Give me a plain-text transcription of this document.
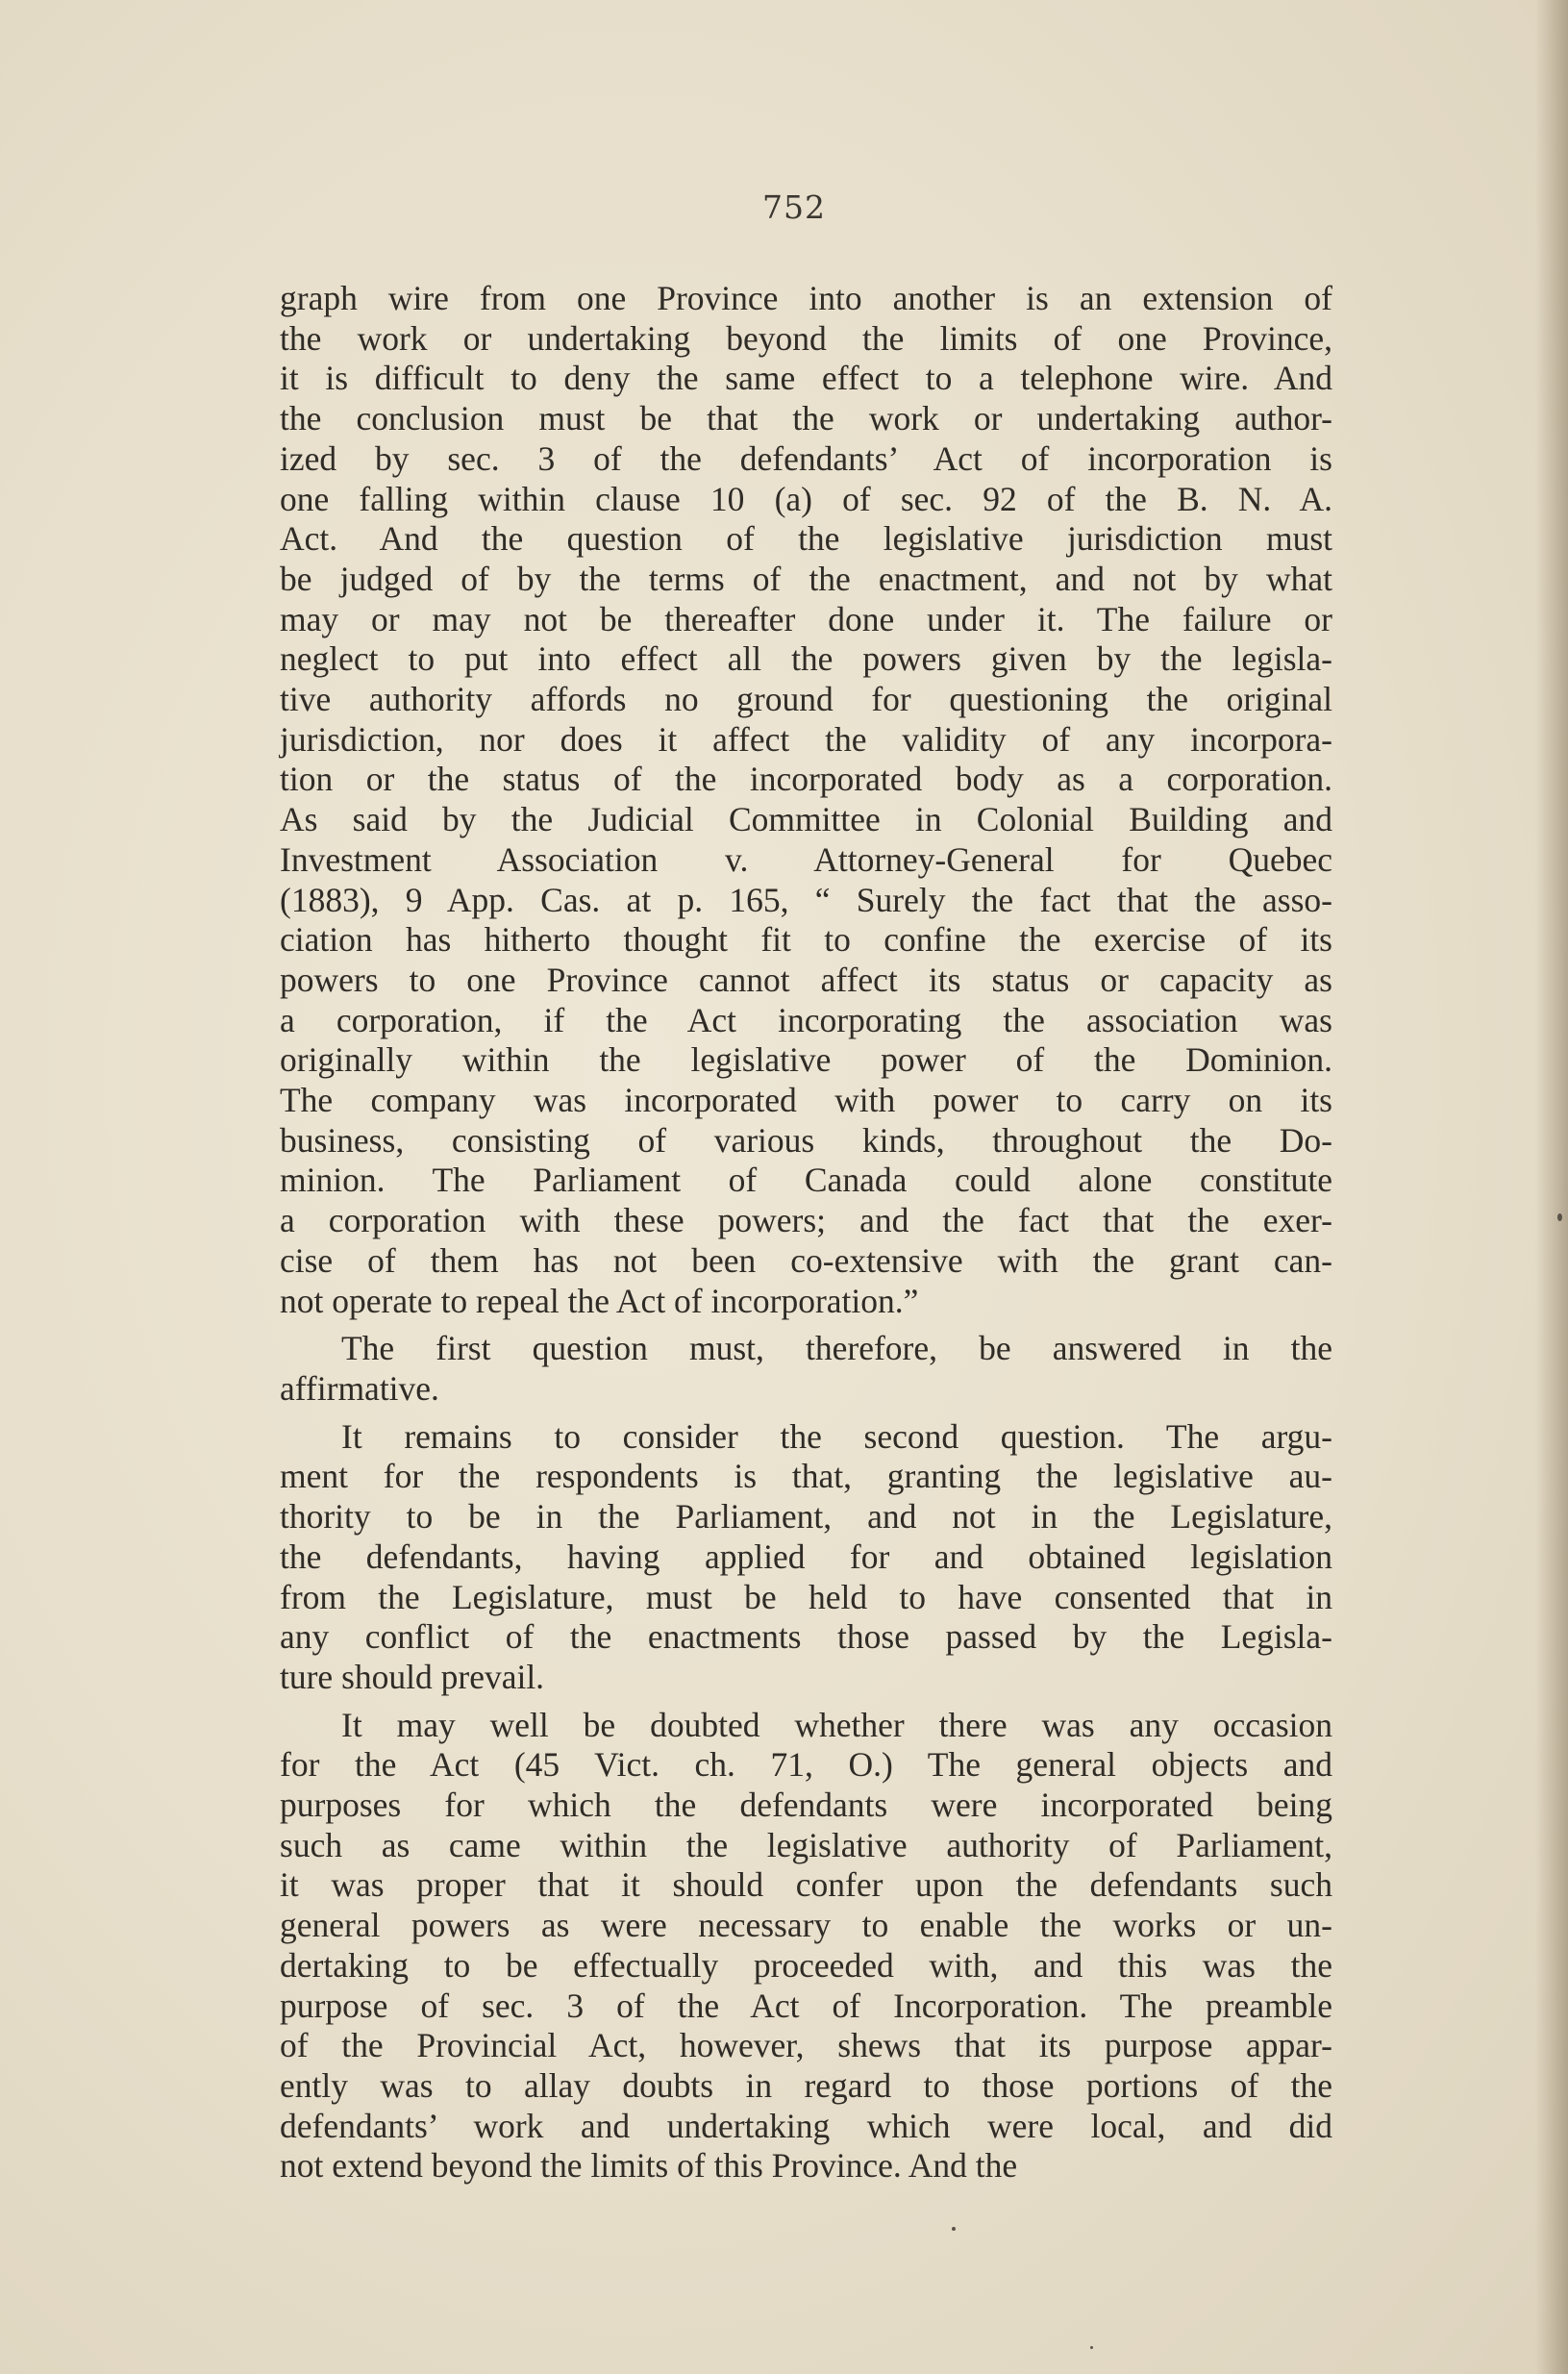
752
graph wire from one Province into another is an extension of
the work or undertaking beyond the limits of one Province,
it is difficult to deny the same effect to a telephone wire. And
the conclusion must be that the work or undertaking author-
ized by sec. 3 of the defendants’ Act of incorporation is
one falling within clause 10 (a) of sec. 92 of the B. N. A.
Act. And the question of the legislative jurisdiction must
be judged of by the terms of the enactment, and not by what
may or may not be thereafter done under it. The failure or
neglect to put into effect all the powers given by the legisla-
tive authority affords no ground for questioning the original
jurisdiction, nor does it affect the validity of any incorpora-
tion or the status of the incorporated body as a corporation.
As said by the Judicial Committee in Colonial Building and
Investment Association v. Attorney-General for Quebec
(1883), 9 App. Cas. at p. 165, “ Surely the fact that the asso-
ciation has hitherto thought fit to confine the exercise of its
powers to one Province cannot affect its status or capacity as
a corporation, if the Act incorporating the association was
originally within the legislative power of the Dominion.
The company was incorporated with power to carry on its
business, consisting of various kinds, throughout the Do-
minion. The Parliament of Canada could alone constitute
a corporation with these powers; and the fact that the exer-
cise of them has not been co-extensive with the grant can-
not operate to repeal the Act of incorporation.”
The first question must, therefore, be answered in the
affirmative.
It remains to consider the second question. The argu-
ment for the respondents is that, granting the legislative au-
thority to be in the Parliament, and not in the Legislature,
the defendants, having applied for and obtained legislation
from the Legislature, must be held to have consented that in
any conflict of the enactments those passed by the Legisla-
ture should prevail.
It may well be doubted whether there was any occasion
for the Act (45 Vict. ch. 71, O.) The general objects and
purposes for which the defendants were incorporated being
such as came within the legislative authority of Parliament,
it was proper that it should confer upon the defendants such
general powers as were necessary to enable the works or un-
dertaking to be effectually proceeded with, and this was the
purpose of sec. 3 of the Act of Incorporation. The preamble
of the Provincial Act, however, shews that its purpose appar-
ently was to allay doubts in regard to those portions of the
defendants’ work and undertaking which were local, and did
not extend beyond the limits of this Province. And the
